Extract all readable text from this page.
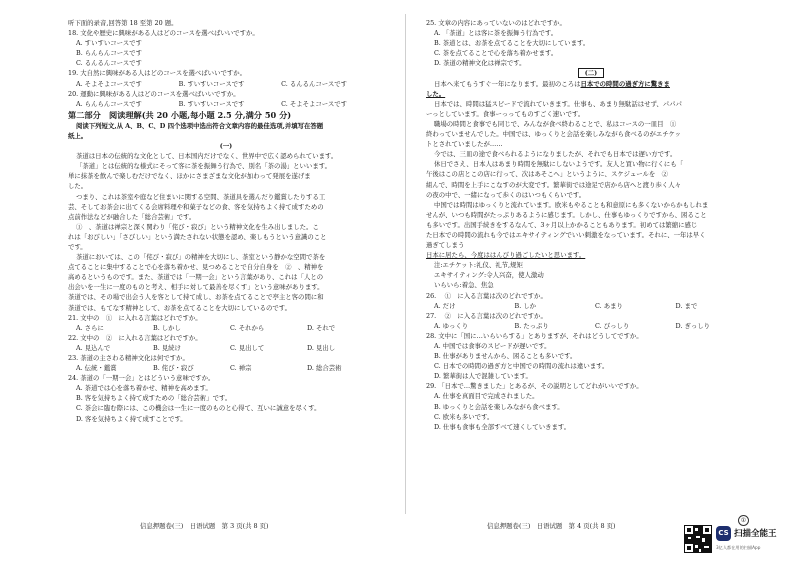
听下面的录音,回答第 18 至第 20 题。
18. 文化や歴史に興味がある人はどのコースを選べばいいですか。
A. すいすいコースです
B. らんらんコースです
C. るんるんコースです
19. 大自然に興味がある人はどのコースを選べばいいですか。
A. そよそよコースです	B. すいすいコースです	C. るんるんコースです
20. 運動に興味がある人はどのコースを選べばいいですか。
A. らんらんコースです	B. すいすいコースです	C. そよそよコースです
第二部分　阅读理解(共 20 小题,每小题 2.5 分,满分 50 分)
阅读下列短文,从 A、B、C、D 四个选项中选出符合文章内容的最佳选项,并填写在答题
纸上。
(一)
茶道は日本の伝統的な文化として、日本国内だけでなく、世界中で広く認められています。
「茶道」とは伝統的な様式にそって客に茶を振舞う行為で、別名「茶の湯」といいます。
単に抹茶を飲んで楽しむだけでなく、ほかにさまざまな文化が加わって発展を遂げま
した。
つまり、これは茶室や庭など住まいに関する空間、茶道具を選んだり鑑賞したりする工
芸、そしてお茶会に出てくる会席料理や和菓子などの食、客を気持ちよく持て成すための
点前作法などが融合した「総合芸術」です。
①　、茶道は禅宗と深く関わり「侘び・寂び」という精神文化を生み出しました。こ
れは「おびしい」「さびしい」という満たされない状態を認め、楽しもうという意識のこと
です。
茶道においては、この「侘び・寂び」の精神を大切にし、茶室という静かな空間で茶を
点てることに集中することで心を落ち着かせ、見つめることで自分自身を　②　、精神を
高めるというものです。また、茶道では「一期一会」という言葉があり、これは「人との
出会いを一生に一度のものと考え、相手に対して最善を尽くす」という意味があります。
茶道では、その場で出会う人を客として持て成し、お茶を点てることで亭主と客の間に和
茶道では、もてなす精神として、お茶を点てることを大切にしているのです。
21. 文中の　①　に入れる言葉はどれですか。
A. さらに	B. しかし	C. それから	D. それで
22. 文中の　②　に入れる言葉はどれですか。
A. 見込んで	B. 見続け	C. 見出して	D. 見出し
23. 茶道の主さわる精神文化は何ですか。
A. 伝統・鑑賞	B. 侘び・寂び	C. 禅宗	D. 総合芸術
24. 茶道の「一期一会」とはどういう意味ですか。
A. 茶道では心を落ち着かせ、精神を高めます。
B. 客を気持ちよく持て成すための「総合芸術」です。
C. 茶会に臨む際には、この機会は一生に一度のものと心得て、互いに誠意を尽くす。
D. 客を気持ちよく持て成すことです。
25. 文章の内容にあっていないのはどれですか。
A. 「茶道」とは客に茶を振舞う行為です。
B. 茶道とは、お茶を点てることを大切にしています。
C. 茶を点てることで心を落ち着かせます。
D. 茶道の精神文化は禅宗です。
(二)
日本へ来てもうすぐ一年になります。最初のころは日本での時間の過ぎ方に驚きま
した。
日本では、時間は猛スピードで流れていきます。仕事も、あまり無駄話はせず、パパパ
ーっとしています。食事ーっってものすごく速いです。
職場の時間と食事でも同じで、みんなが食べ終わることで、私はコースの一皿目　①
終わっていませんでした。中国では、ゆっくりと会話を楽しみながら食べるのがエチケッ
トとされていましたが……
今では、三皿の途で食べられるようになりましたが、それでも日本では遅い方です。
休日でさえ、日本人はあまり時間を無駄にしないようです。友人と買い物に行くにも「
午後はこの店とこの店に行って、次はあそこへ」というように、スケジュールを　②
組んで、時間を上手にこなすのが大変です。繁華街では途足で店から店へと渡り歩く人々
の夜の中で、一緒になって歩くのはいつもくらいです。
中国では時間はゆっくりと流れています。欧米もやることも和意原にも多くないからかもしれま
せんが、いつも時間がたっぷりあるように感じます。しかし、仕事もゆっくりですから、困ること
も多いです。出国手続きをするなんて、3ヶ月以上かかることもあります。初めては繁縮に感じ
た日本での時間の流れも今ではエキサイティングでいい刺激をなっています。それに、一年は早く
過ぎてしまう
日本に居たら、今度ははんびり過ごしたいと思います。
注:エチケット:礼仪、礼节,规矩
エキサイティング:令人兴奋，使人激动
いらいら:着急、焦急
26. 　①　に入る言葉は次のどれですか。
A. だけ	B. しか	C. あまり	D. まで
27. 　②　に入る言葉は次のどれですか。
A. ゆっくり	B. たっぷり	C. びっしり	D. ぎっしり
28. 文中に「国に…いらいらする」とありますが、それはどうしてですか。
A. 中国では食事のスピードが遅いです。
B. 仕事がありませんから、困ることも多いです。
C. 日本での時間の過ぎ方と中国での時間の流れは違います。
D. 繁華街は人で混雑しています。
29. 「日本で…驚きました」とあるが、その説明としてどれがいいですか。
A. 仕事を真面目で完成されました。
B. ゆっくりと会話を楽しみながら食べます。
C. 欧米も多いです。
D. 仕事も食事も全部すべて速くしていきます。
信息押题卷(三)　日语试题　第 3 页(共 8 页)	信息押题卷(三)　日语试题　第 4 页(共 8 页)
①
CS 扫描全能王
3亿人都在用的扫描App
